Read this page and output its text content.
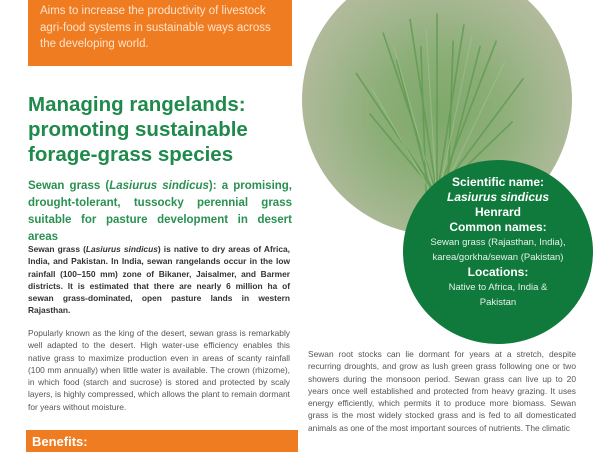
Aims to increase the productivity of livestock agri-food systems in sustainable ways across the developing world.
Managing rangelands: promoting sustainable forage-grass species
Sewan grass (Lasiurus sindicus): a promising, drought-tolerant, tussocky perennial grass suitable for pasture development in desert areas
Sewan grass (Lasiurus sindicus) is native to dry areas of Africa, India, and Pakistan. In India, sewan rangelands occur in the low rainfall (100–150 mm) zone of Bikaner, Jaisalmer, and Barmer districts. It is estimated that there are nearly 6 million ha of sewan grass-dominated, open pasture lands in western Rajasthan.
Popularly known as the king of the desert, sewan grass is remarkably well adapted to the desert. High water-use efficiency enables this native grass to maximize production even in areas of scanty rainfall (100 mm annually) when little water is available. The crown (rhizome), in which food (starch and sucrose) is stored and protected by scaly layers, is highly compressed, which allows the plant to remain dormant for years without moisture.
Benefits:
Scientific name:
Lasiurus sindicus
Henrard
Common names:
Sewan grass (Rajasthan, India),
karea/gorkha/sewan (Pakistan)
Locations:
Native to Africa, India & Pakistan
Sewan root stocks can lie dormant for years at a stretch, despite recurring droughts, and grow as lush green grass following one or two showers during the monsoon period. Sewan grass can live up to 20 years once well established and protected from heavy grazing. It uses energy efficiently, which permits it to produce more biomass. Sewan grass is the most widely stocked grass and is fed to all domesticated animals as one of the most important sources of nutrients. The climatic
